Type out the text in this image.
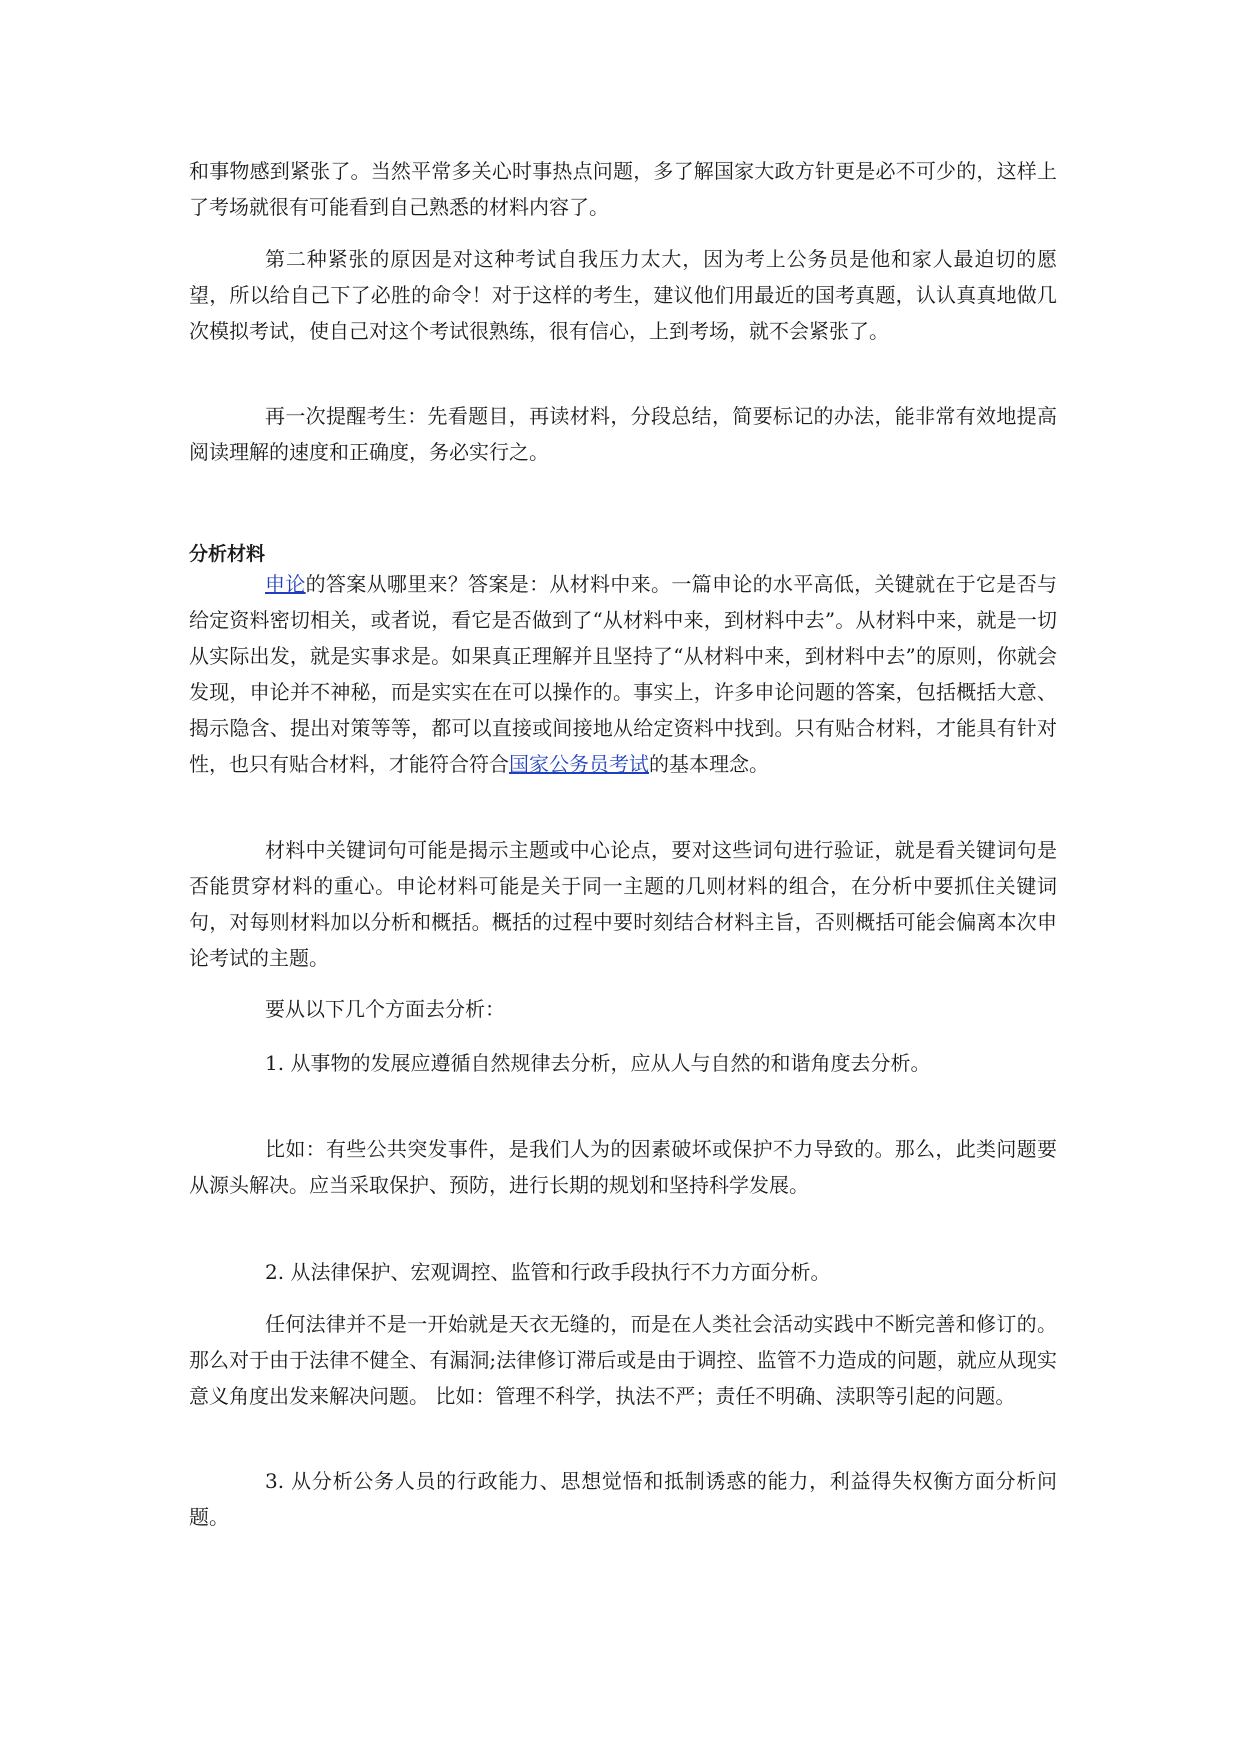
和事物感到紧张了。当然平常多关心时事热点问题，多了解国家大政方针更是必不可少的，这样上了考场就很有可能看到自己熟悉的材料内容了。

第二种紧张的原因是对这种考试自我压力太大，因为考上公务员是他和家人最迫切的愿望，所以给自己下了必胜的命令！对于这样的考生，建议他们用最近的国考真题，认认真真地做几次模拟考试，使自己对这个考试很熟练，很有信心，上到考场，就不会紧张了。

再一次提醒考生：先看题目，再读材料，分段总结，简要标记的办法，能非常有效地提高阅读理解的速度和正确度，务必实行之。

分析材料

申论的答案从哪里来？答案是：从材料中来。一篇申论的水平高低，关键就在于它是否与给定资料密切相关，或者说，看它是否做到了“从材料中来，到材料中去”。从材料中来，就是一切从实际出发，就是实事求是。如果真正理解并且坚持了“从材料中来，到材料中去”的原则，你就会发现，申论并不神秘，而是实实在在可以操作的。事实上，许多申论问题的答案，包括概括大意、揭示隐含、提出对策等等，都可以直接或间接地从给定资料中找到。只有贴合材料，才能具有针对性，也只有贴合材料，才能符合符合国家公务员考试的基本理念。

材料中关键词句可能是揭示主题或中心论点，要对这些词句进行验证，就是看关键词句是否能贯穿材料的重心。申论材料可能是关于同一主题的几则材料的组合，在分析中要抓住关键词句，对每则材料加以分析和概括。概括的过程中要时刻结合材料主旨，否则概括可能会偏离本次申论考试的主题。

要从以下几个方面去分析：

1. 从事物的发展应遵循自然规律去分析，应从人与自然的和谐角度去分析。

比如：有些公共突发事件，是我们人为的因素破坏或保护不力导致的。那么，此类问题要从源头解决。应当采取保护、预防，进行长期的规划和坚持科学发展。

2. 从法律保护、宏观调控、监管和行政手段执行不力方面分析。

任何法律并不是一开始就是天衣无缝的，而是在人类社会活动实践中不断完善和修订的。那么对于由于法律不健全、有漏洞;法律修订滞后或是由于调控、监管不力造成的问题，就应从现实意义角度出发来解决问题。 比如：管理不科学，执法不严；责任不明确、渎职等引起的问题。

3. 从分析公务人员的行政能力、思想觉悟和抵制诱惑的能力，利益得失权衡方面分析问题。
